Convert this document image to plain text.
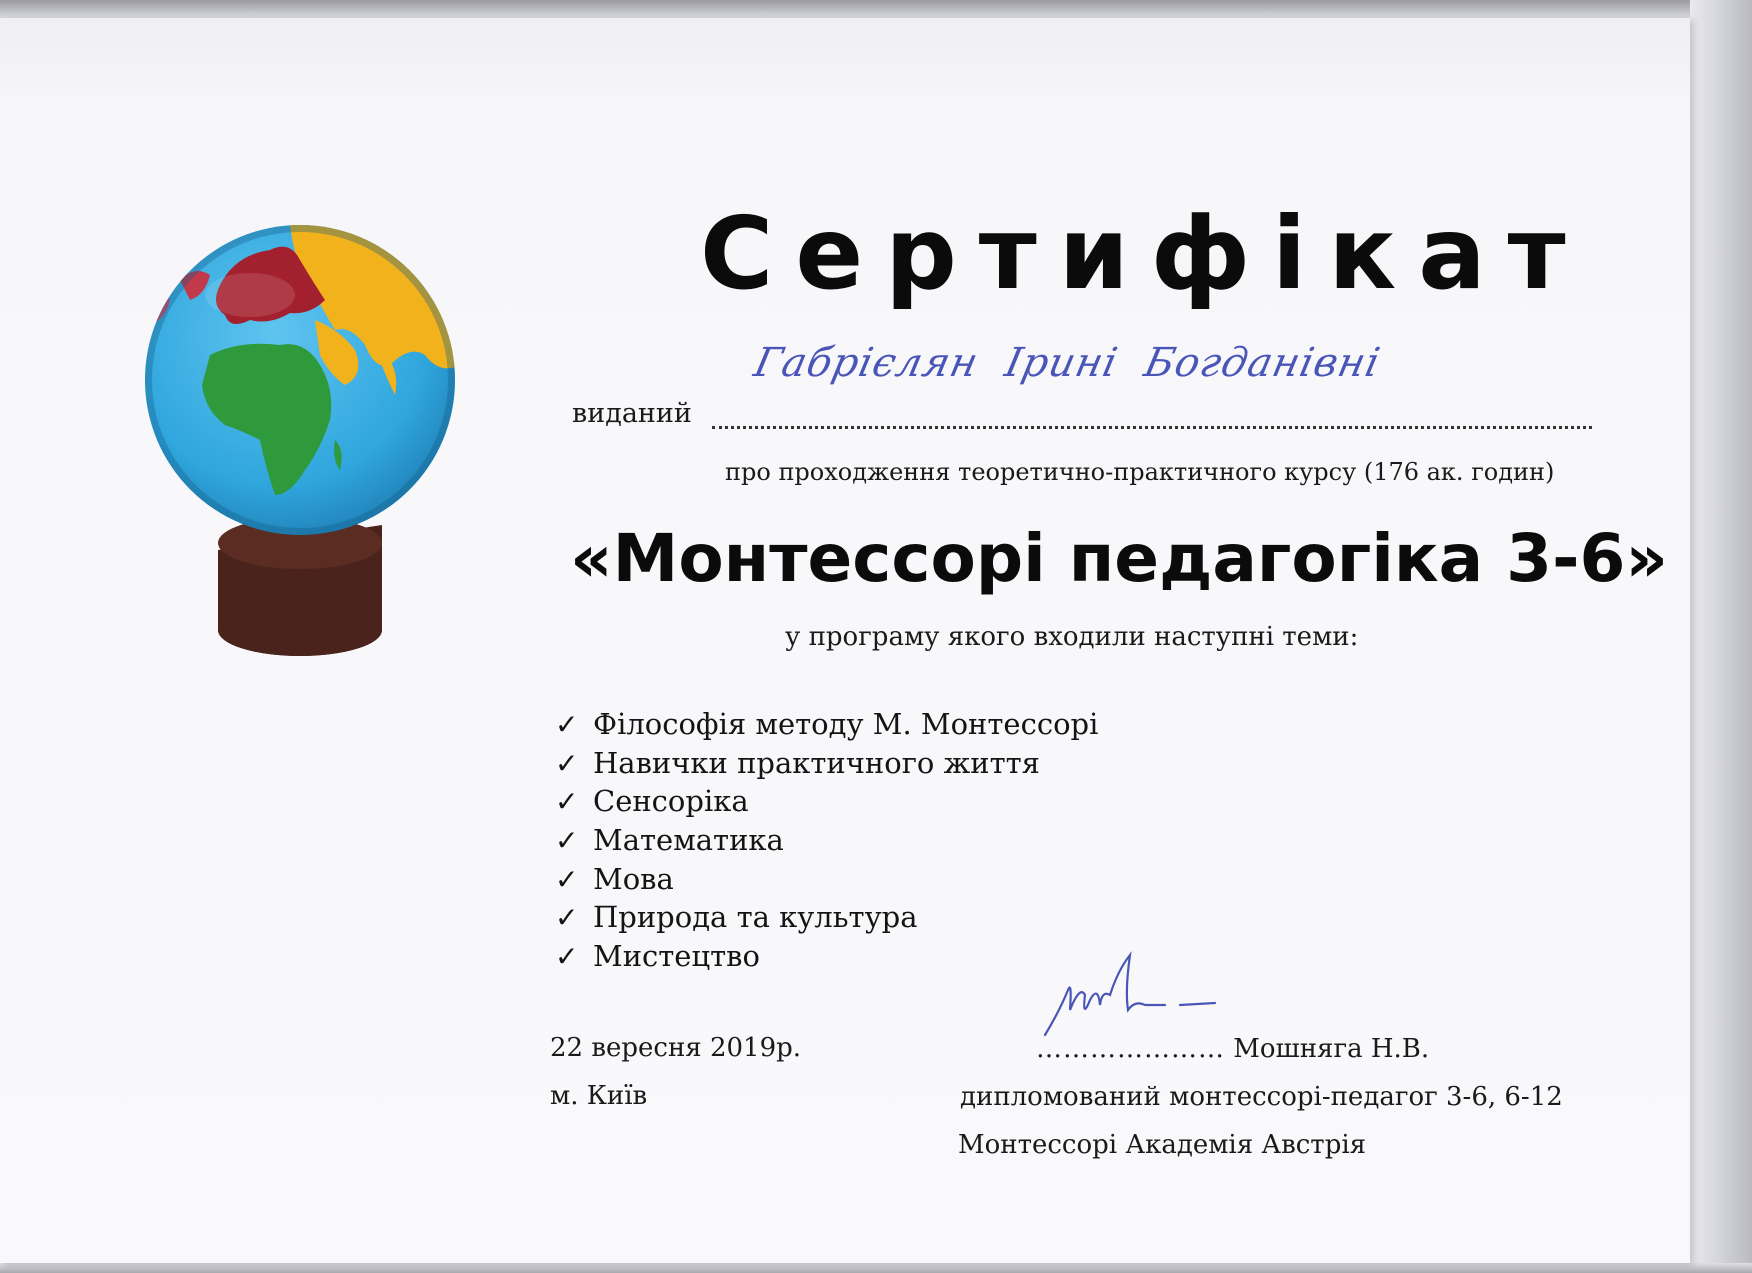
Сертифікат
виданий
Габрієлян Ірині Богданівні
про проходження теоретично-практичного курсу (176 ак. годин)
«Монтессорі педагогіка 3-6»
у програму якого входили наступні теми:
✓ Філософія методу М. Монтессорі
✓ Навички практичного життя
✓ Сенсоріка
✓ Математика
✓ Мова
✓ Природа та культура
✓ Мистецтво
22 вересня 2019р.
м. Київ
………………… Мошняга Н.В.
дипломований монтессорі-педагог 3-6, 6-12
Монтессорі Академія Австрія
